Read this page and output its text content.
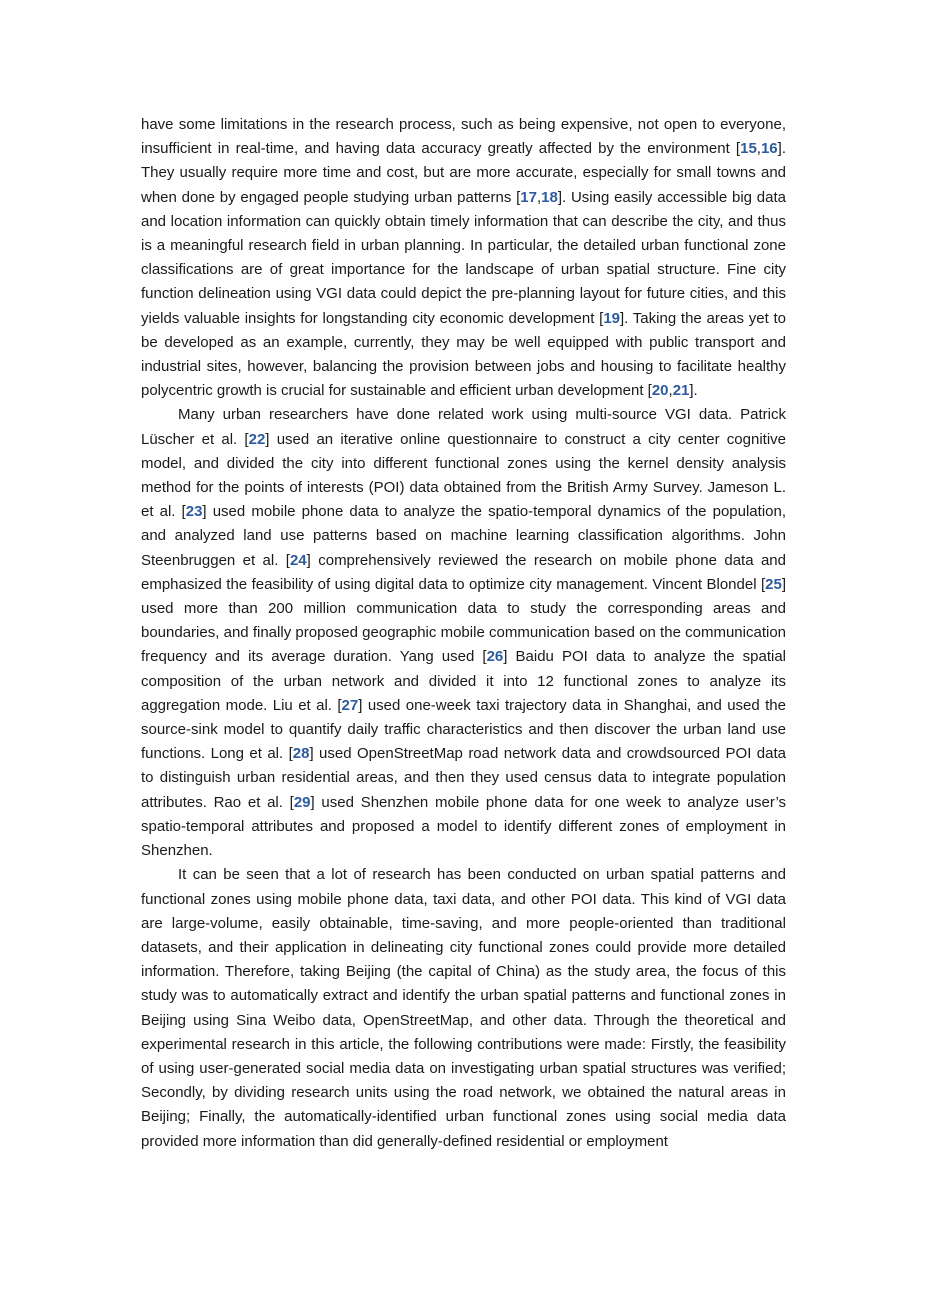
have some limitations in the research process, such as being expensive, not open to everyone, insufficient in real-time, and having data accuracy greatly affected by the environment [15,16]. They usually require more time and cost, but are more accurate, especially for small towns and when done by engaged people studying urban patterns [17,18]. Using easily accessible big data and location information can quickly obtain timely information that can describe the city, and thus is a meaningful research field in urban planning. In particular, the detailed urban functional zone classifications are of great importance for the landscape of urban spatial structure. Fine city function delineation using VGI data could depict the pre-planning layout for future cities, and this yields valuable insights for longstanding city economic development [19]. Taking the areas yet to be developed as an example, currently, they may be well equipped with public transport and industrial sites, however, balancing the provision between jobs and housing to facilitate healthy polycentric growth is crucial for sustainable and efficient urban development [20,21].

Many urban researchers have done related work using multi-source VGI data. Patrick Lüscher et al. [22] used an iterative online questionnaire to construct a city center cognitive model, and divided the city into different functional zones using the kernel density analysis method for the points of interests (POI) data obtained from the British Army Survey. Jameson L. et al. [23] used mobile phone data to analyze the spatio-temporal dynamics of the population, and analyzed land use patterns based on machine learning classification algorithms. John Steenbruggen et al. [24] comprehensively reviewed the research on mobile phone data and emphasized the feasibility of using digital data to optimize city management. Vincent Blondel [25] used more than 200 million communication data to study the corresponding areas and boundaries, and finally proposed geographic mobile communication based on the communication frequency and its average duration. Yang used [26] Baidu POI data to analyze the spatial composition of the urban network and divided it into 12 functional zones to analyze its aggregation mode. Liu et al. [27] used one-week taxi trajectory data in Shanghai, and used the source-sink model to quantify daily traffic characteristics and then discover the urban land use functions. Long et al. [28] used OpenStreetMap road network data and crowdsourced POI data to distinguish urban residential areas, and then they used census data to integrate population attributes. Rao et al. [29] used Shenzhen mobile phone data for one week to analyze user’s spatio-temporal attributes and proposed a model to identify different zones of employment in Shenzhen.

It can be seen that a lot of research has been conducted on urban spatial patterns and functional zones using mobile phone data, taxi data, and other POI data. This kind of VGI data are large-volume, easily obtainable, time-saving, and more people-oriented than traditional datasets, and their application in delineating city functional zones could provide more detailed information. Therefore, taking Beijing (the capital of China) as the study area, the focus of this study was to automatically extract and identify the urban spatial patterns and functional zones in Beijing using Sina Weibo data, OpenStreetMap, and other data. Through the theoretical and experimental research in this article, the following contributions were made: Firstly, the feasibility of using user-generated social media data on investigating urban spatial structures was verified; Secondly, by dividing research units using the road network, we obtained the natural areas in Beijing; Finally, the automatically-identified urban functional zones using social media data provided more information than did generally-defined residential or employment
